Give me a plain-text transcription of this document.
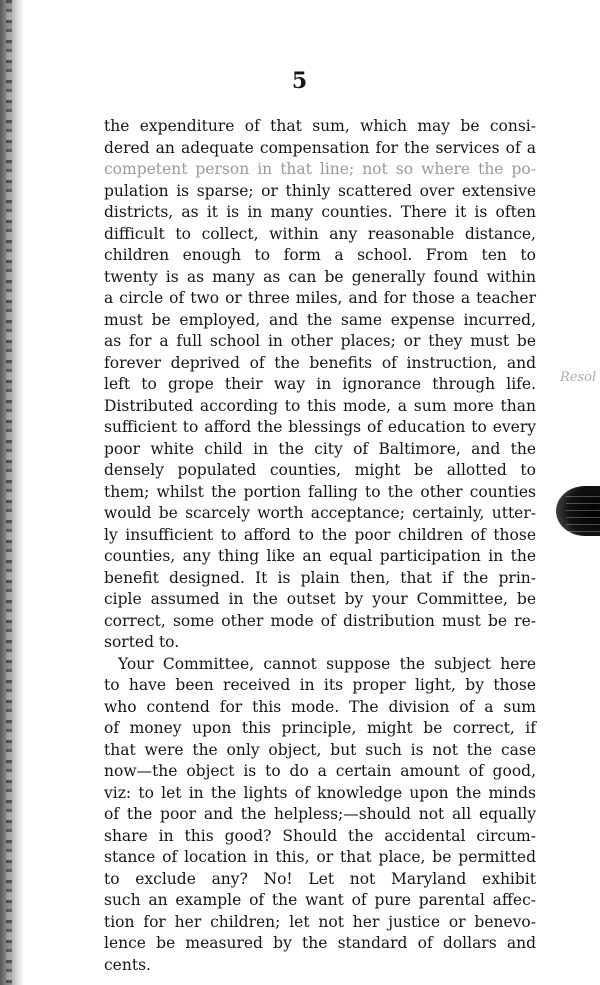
5
Resol
the expenditure of that sum, which may be consi-
dered an adequate compensation for the services of a
competent person in that line; not so where the po-
pulation is sparse; or thinly scattered over extensive
districts, as it is in many counties. There it is often
difficult to collect, within any reasonable distance,
children enough to form a school. From ten to
twenty is as many as can be generally found within
a circle of two or three miles, and for those a teacher
must be employed, and the same expense incurred,
as for a full school in other places; or they must be
forever deprived of the benefits of instruction, and
left to grope their way in ignorance through life.
Distributed according to this mode, a sum more than
sufficient to afford the blessings of education to every
poor white child in the city of Baltimore, and the
densely populated counties, might be allotted to
them; whilst the portion falling to the other counties
would be scarcely worth acceptance; certainly, utter-
ly insufficient to afford to the poor children of those
counties, any thing like an equal participation in the
benefit designed. It is plain then, that if the prin-
ciple assumed in the outset by your Committee, be
correct, some other mode of distribution must be re-
sorted to.
Your Committee, cannot suppose the subject here
to have been received in its proper light, by those
who contend for this mode. The division of a sum
of money upon this principle, might be correct, if
that were the only object, but such is not the case
now—the object is to do a certain amount of good,
viz: to let in the lights of knowledge upon the minds
of the poor and the helpless;—should not all equally
share in this good? Should the accidental circum-
stance of location in this, or that place, be permitted
to exclude any? No! Let not Maryland exhibit
such an example of the want of pure parental affec-
tion for her children; let not her justice or benevo-
lence be measured by the standard of dollars and
cents.
